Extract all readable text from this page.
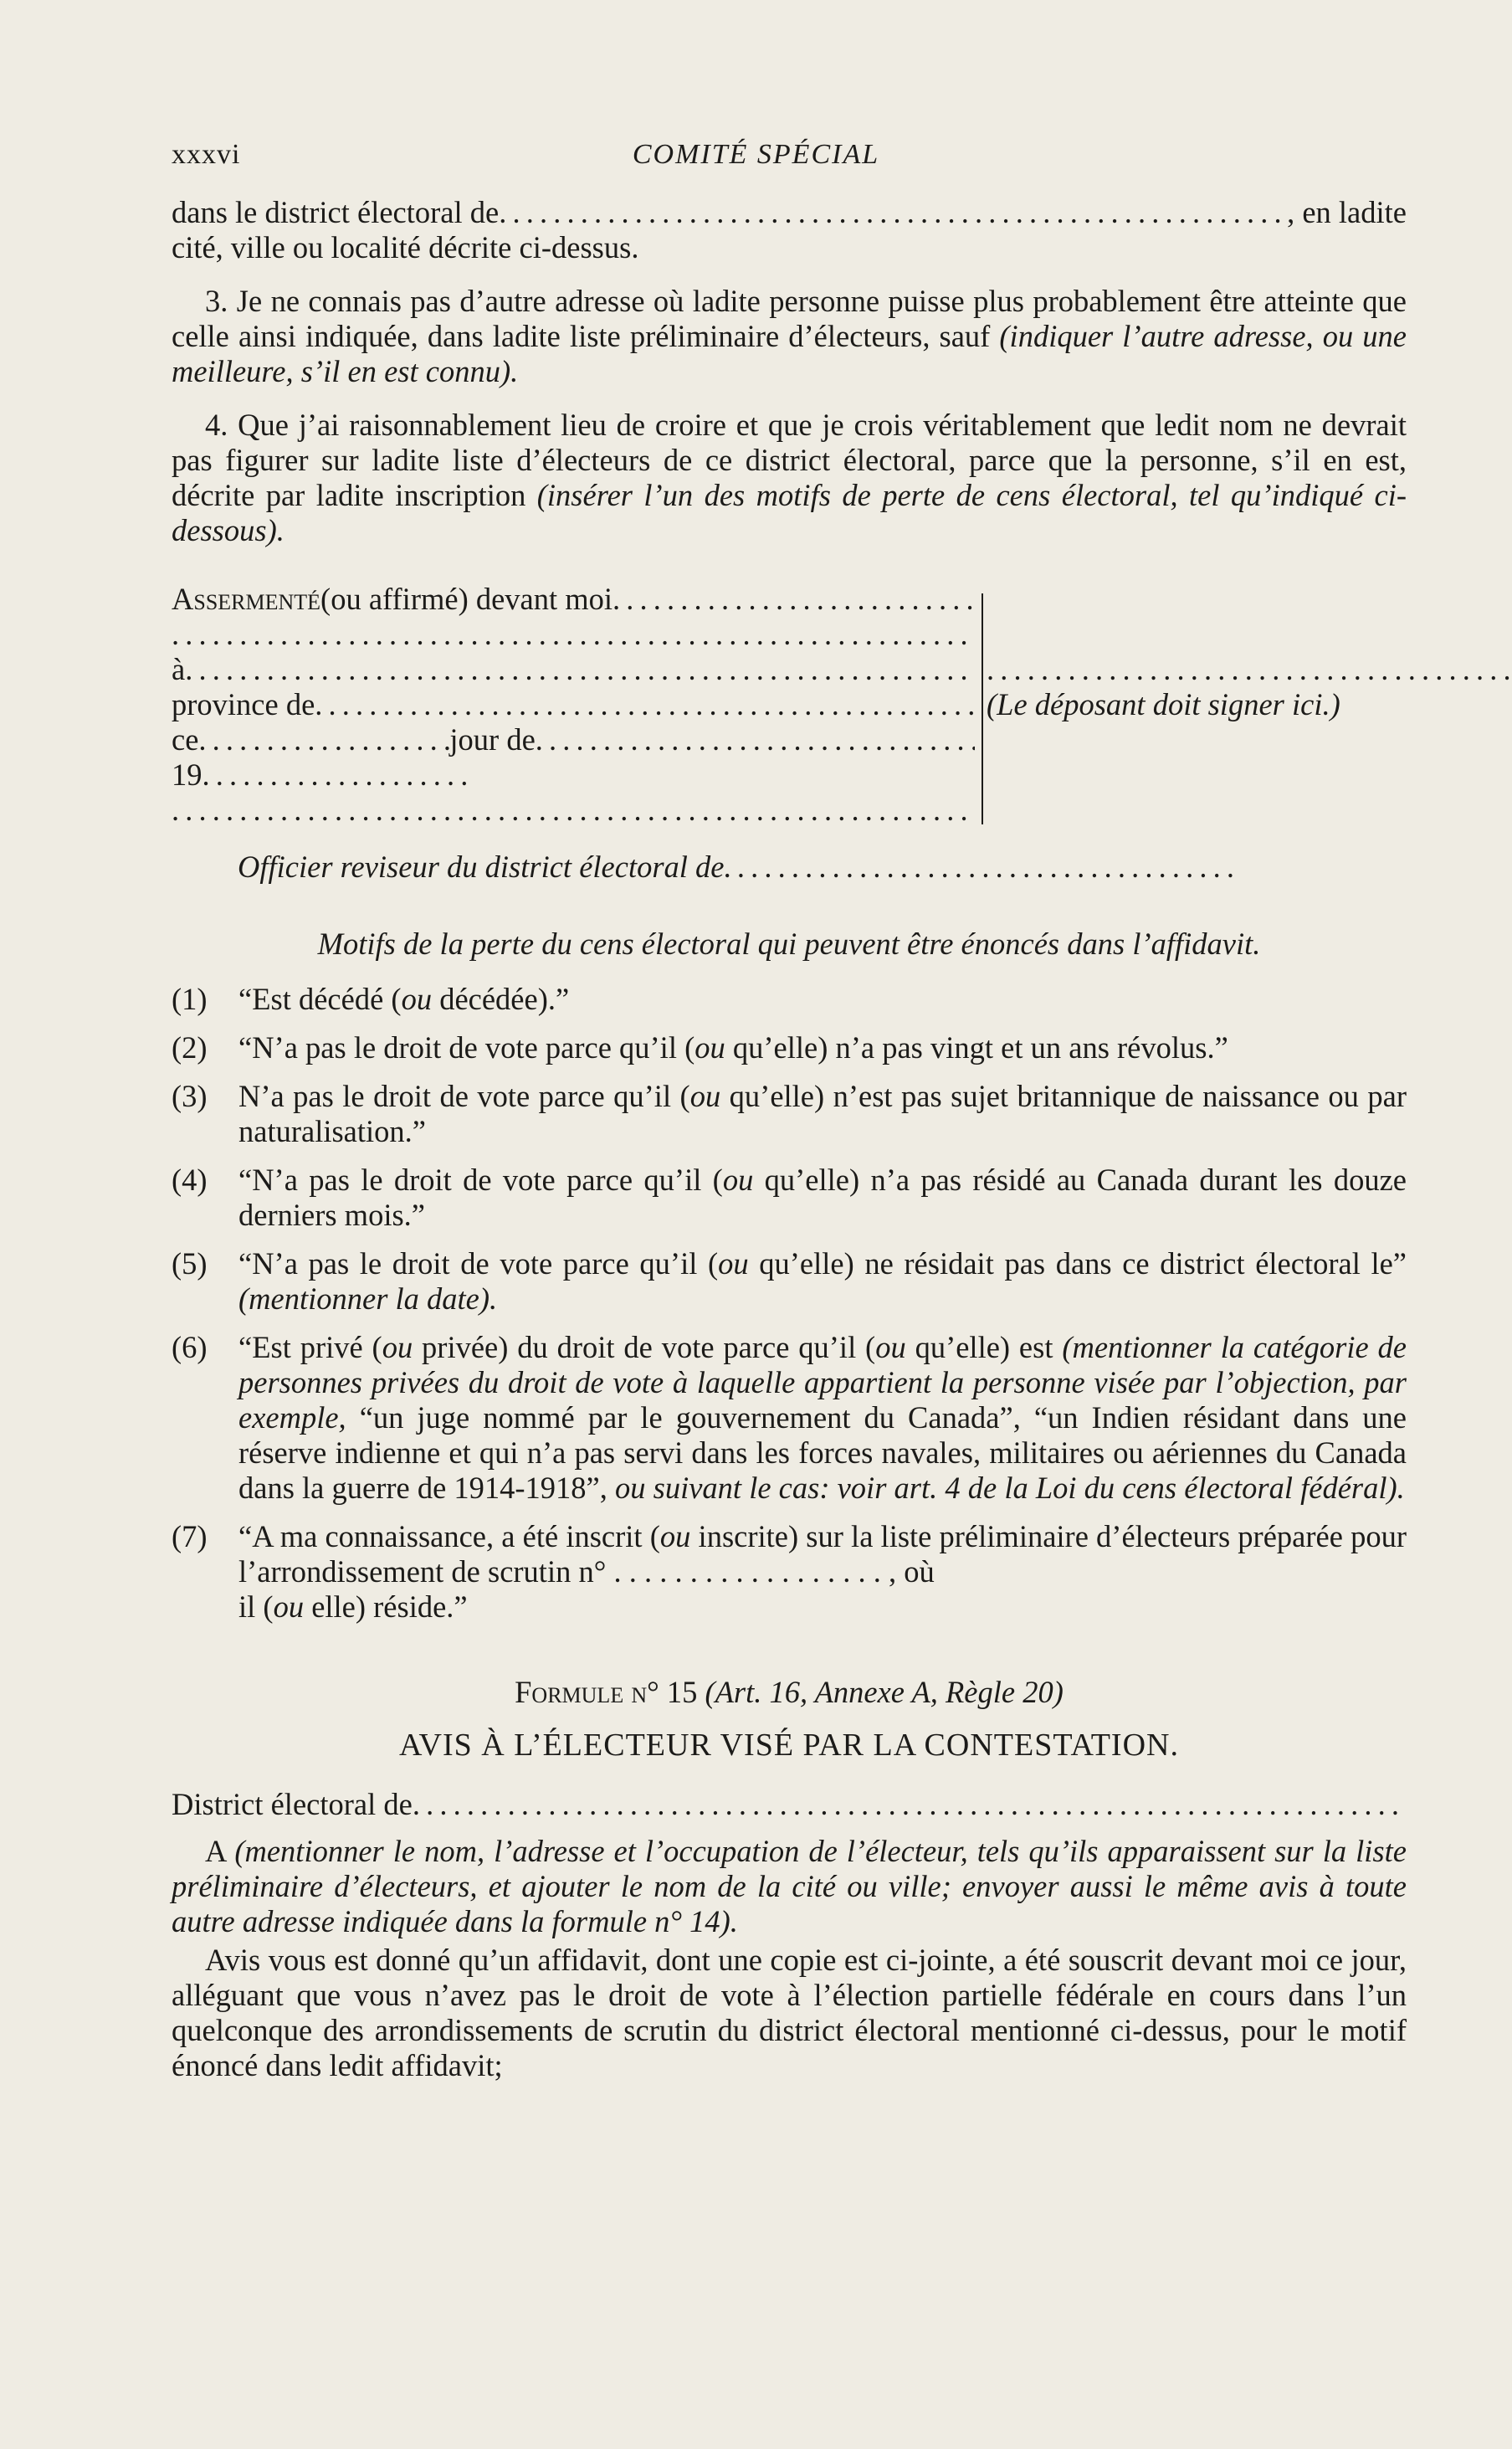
xxxvi	COMITÉ SPÉCIAL
dans le district électoral de . . .	, en ladite
cité, ville ou localité décrite ci-dessus.

3. Je ne connais pas d’autre adresse où ladite personne puisse plus probablement être atteinte que celle ainsi indiquée, dans ladite liste préliminaire d’électeurs, sauf (indiquer l’autre adresse, ou une meilleure, s’il en est connu).

4. Que j’ai raisonnablement lieu de croire et que je crois véritablement que ledit nom ne devrait pas figurer sur ladite liste d’électeurs de ce district électoral, parce que la personne, s’il en est, décrite par ladite inscription (insérer l’un des motifs de perte de cens électoral, tel qu’indiqué ci-dessous).

Assermenté (ou affirmé) devant moi
. . .
. . .
à
. . .
province de
. . .
ce . . .	jour de
. . .
19
. . .
. . .
. . .
(Le déposant doit signer ici.)
Officier reviseur du district électoral de
. . .
Motifs de la perte du cens électoral qui peuvent être énoncés dans l’affidavit.
(1)	“Est décédé (ou décédée).”
(2)	“N’a pas le droit de vote parce qu’il (ou qu’elle) n’a pas vingt et un ans révolus.”
(3)	N’a pas le droit de vote parce qu’il (ou qu’elle) n’est pas sujet britannique de naissance ou par naturalisation.”
(4)	“N’a pas le droit de vote parce qu’il (ou qu’elle) n’a pas résidé au Canada durant les douze derniers mois.”
(5)	“N’a pas le droit de vote parce qu’il (ou qu’elle) ne résidait pas dans ce district électoral le” (mentionner la date).
(6)	“Est privé (ou privée) du droit de vote parce qu’il (ou qu’elle) est (mentionner la catégorie de personnes privées du droit de vote à laquelle appartient la personne visée par l’objection, par exemple, “un juge nommé par le gouvernement du Canada”, “un Indien résidant dans une réserve indienne et qui n’a pas servi dans les forces navales, militaires ou aériennes du Canada dans la guerre de 1914-1918”, ou suivant le cas: voir art. 4 de la Loi du cens électoral fédéral).
(7)	“A ma connaissance, a été inscrit (ou inscrite) sur la liste préliminaire d’électeurs préparée pour l’arrondissement de scrutin n° . . . . . . . . . . . . . . . . . . , où
il (ou elle) réside.”
Formule n° 15 (Art. 16, Annexe A, Règle 20)
AVIS À L’ÉLECTEUR VISÉ PAR LA CONTESTATION.
District électoral de
. . .

A (mentionner le nom, l’adresse et l’occupation de l’électeur, tels qu’ils apparaissent sur la liste préliminaire d’électeurs, et ajouter le nom de la cité ou ville; envoyer aussi le même avis à toute autre adresse indiquée dans la formule n° 14).

Avis vous est donné qu’un affidavit, dont une copie est ci-jointe, a été souscrit devant moi ce jour, alléguant que vous n’avez pas le droit de vote à l’élection partielle fédérale en cours dans l’un quelconque des arrondissements de scrutin du district électoral mentionné ci-dessus, pour le motif énoncé dans ledit affidavit;
